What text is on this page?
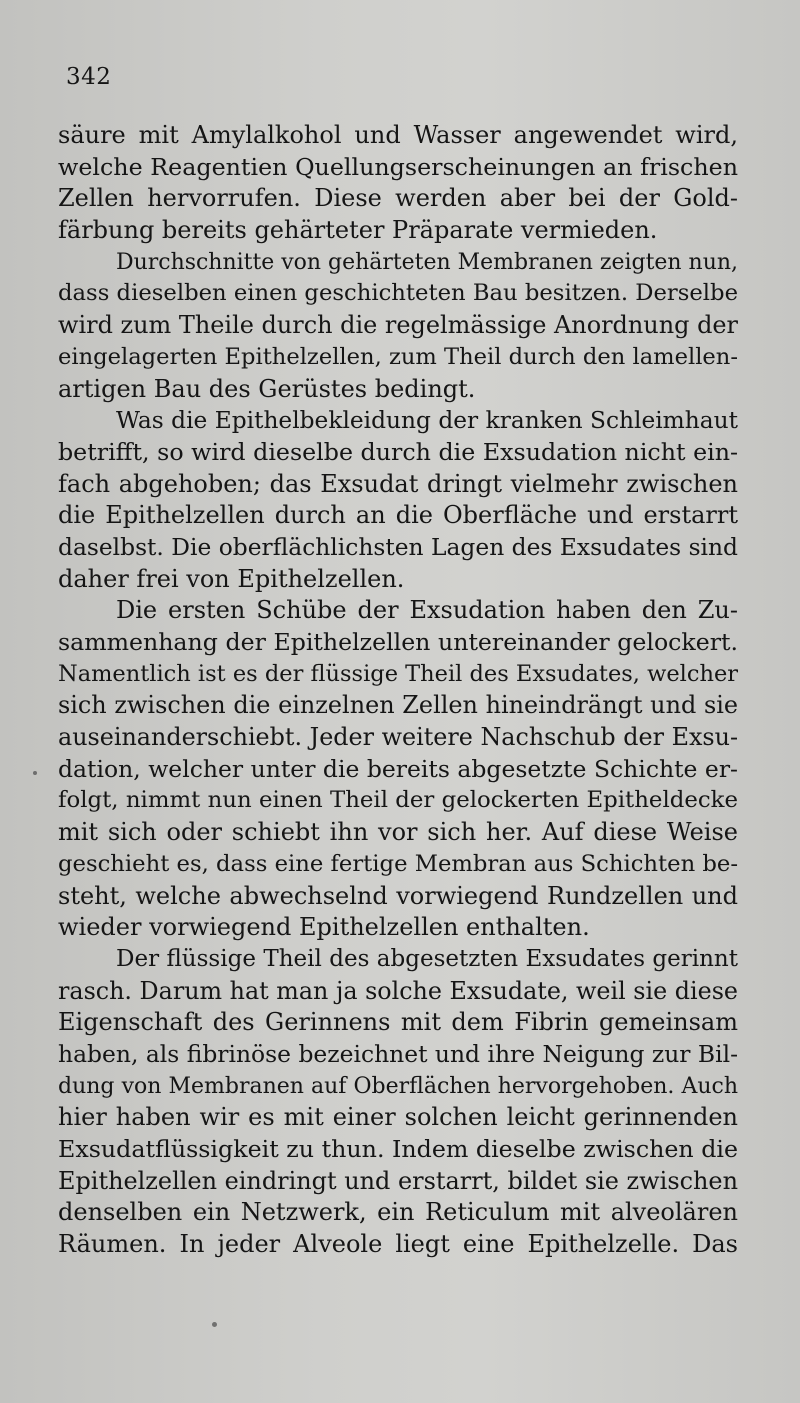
342
säure mit Amylalkohol und Wasser angewendet wird,
welche Reagentien Quellungserscheinungen an frischen
Zellen hervorrufen. Diese werden aber bei der Gold-
färbung bereits gehärteter Präparate vermieden.
Durchschnitte von gehärteten Membranen zeigten nun,
dass dieselben einen geschichteten Bau besitzen. Derselbe
wird zum Theile durch die regelmässige Anordnung der
eingelagerten Epithelzellen, zum Theil durch den lamellen-
artigen Bau des Gerüstes bedingt.
Was die Epithelbekleidung der kranken Schleimhaut
betrifft, so wird dieselbe durch die Exsudation nicht ein-
fach abgehoben; das Exsudat dringt vielmehr zwischen
die Epithelzellen durch an die Oberfläche und erstarrt
daselbst. Die oberflächlichsten Lagen des Exsudates sind
daher frei von Epithelzellen.
Die ersten Schübe der Exsudation haben den Zu-
sammenhang der Epithelzellen untereinander gelockert.
Namentlich ist es der flüssige Theil des Exsudates, welcher
sich zwischen die einzelnen Zellen hineindrängt und sie
auseinanderschiebt. Jeder weitere Nachschub der Exsu-
dation, welcher unter die bereits abgesetzte Schichte er-
folgt, nimmt nun einen Theil der gelockerten Epitheldecke
mit sich oder schiebt ihn vor sich her. Auf diese Weise
geschieht es, dass eine fertige Membran aus Schichten be-
steht, welche abwechselnd vorwiegend Rundzellen und
wieder vorwiegend Epithelzellen enthalten.
Der flüssige Theil des abgesetzten Exsudates gerinnt
rasch. Darum hat man ja solche Exsudate, weil sie diese
Eigenschaft des Gerinnens mit dem Fibrin gemeinsam
haben, als fibrinöse bezeichnet und ihre Neigung zur Bil-
dung von Membranen auf Oberflächen hervorgehoben. Auch
hier haben wir es mit einer solchen leicht gerinnenden
Exsudatflüssigkeit zu thun. Indem dieselbe zwischen die
Epithelzellen eindringt und erstarrt, bildet sie zwischen
denselben ein Netzwerk, ein Reticulum mit alveolären
Räumen. In jeder Alveole liegt eine Epithelzelle. Das
